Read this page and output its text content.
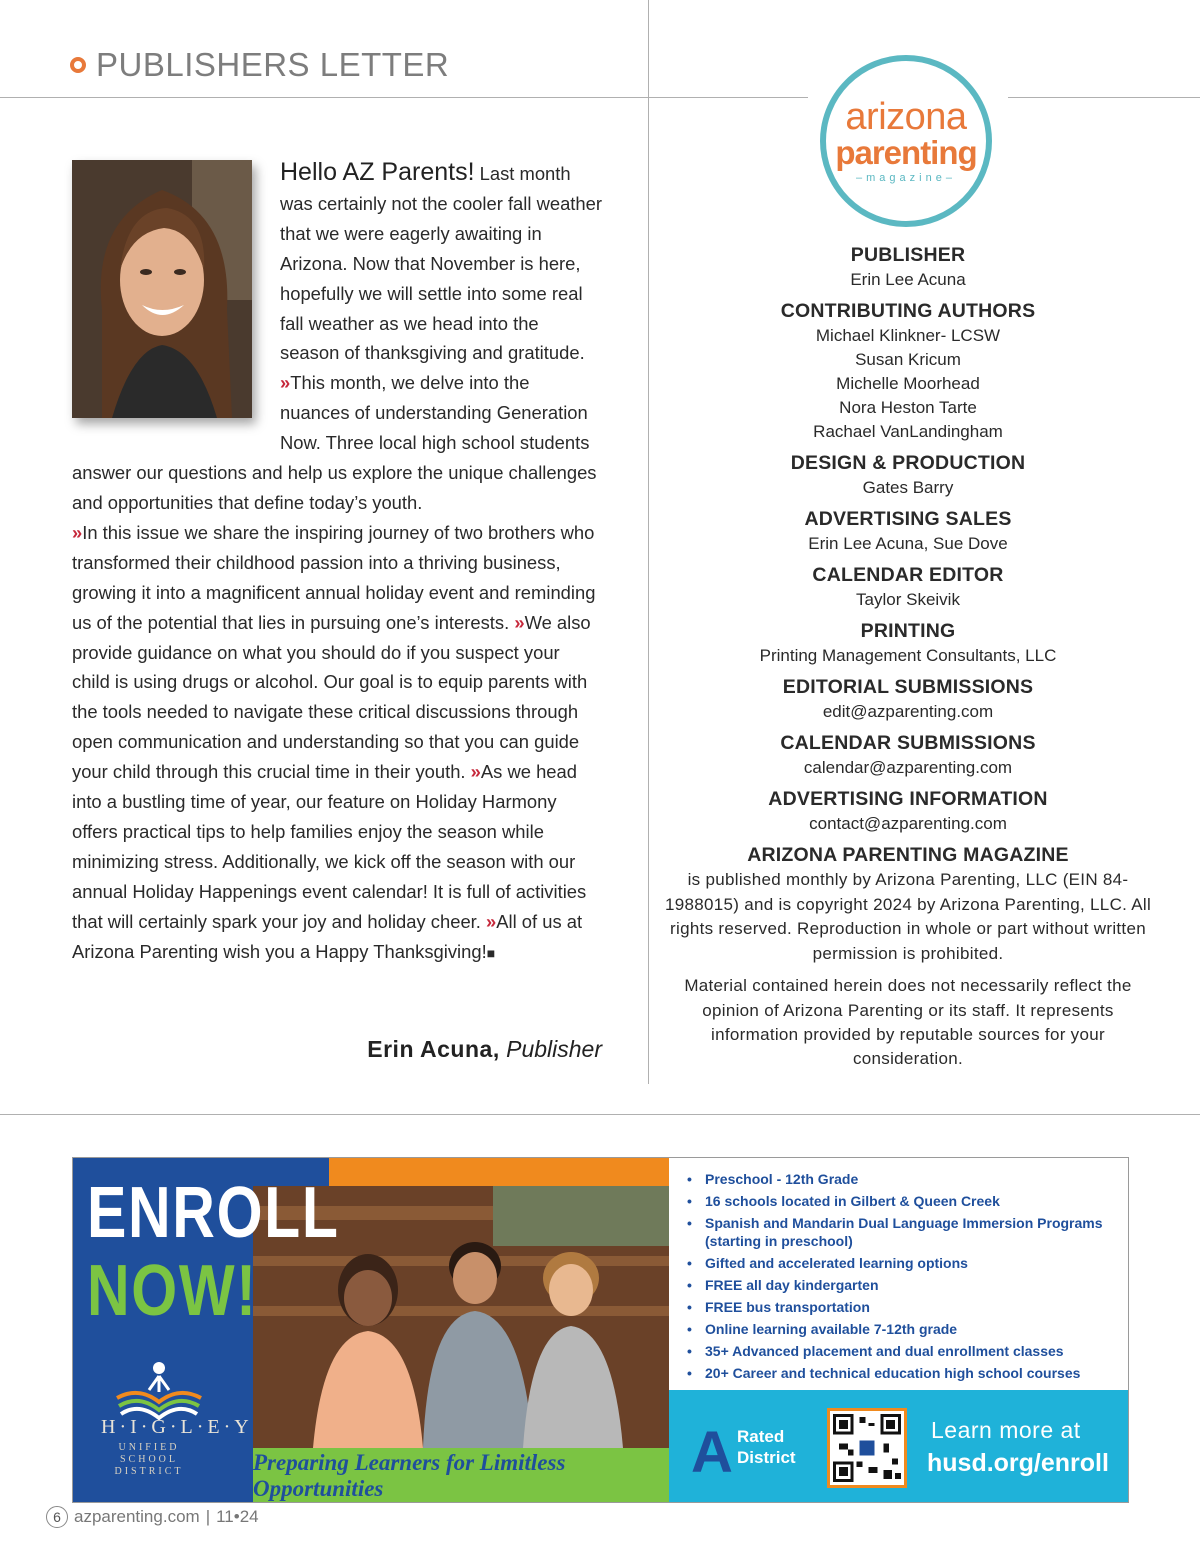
PUBLISHERS LETTER
Hello AZ Parents! Last month was certainly not the cooler fall weather that we were eagerly awaiting in Arizona. Now that November is here, hopefully we will settle into some real fall weather as we head into the season of thanksgiving and gratitude. »This month, we delve into the nuances of understanding Generation Now. Three local high school students answer our questions and help us explore the unique challenges and opportunities that define today’s youth.
»In this issue we share the inspiring journey of two brothers who transformed their childhood passion into a thriving business, growing it into a magnificent annual holiday event and reminding us of the potential that lies in pursuing one’s interests. »We also provide guidance on what you should do if you suspect your child is using drugs or alcohol. Our goal is to equip parents with the tools needed to navigate these critical discussions through open communication and understanding so that you can guide your child through this crucial time in their youth. »As we head into a bustling time of year, our feature on Holiday Harmony offers practical tips to help families enjoy the season while minimizing stress. Additionally, we kick off the season with our annual Holiday Happenings event calendar! It is full of activities that will certainly spark your joy and holiday cheer. »All of us at Arizona Parenting wish you a Happy Thanksgiving!■
Erin Acuna, Publisher
arizona
parenting
–magazine–
PUBLISHER
Erin Lee Acuna
CONTRIBUTING AUTHORS
Michael Klinkner- LCSW
Susan Kricum
Michelle Moorhead
Nora Heston Tarte
Rachael VanLandingham
DESIGN & PRODUCTION
Gates Barry
ADVERTISING SALES
Erin Lee Acuna, Sue Dove
CALENDAR EDITOR
Taylor Skeivik
PRINTING
Printing Management Consultants, LLC
EDITORIAL SUBMISSIONS
edit@azparenting.com
CALENDAR SUBMISSIONS
calendar@azparenting.com
ADVERTISING INFORMATION
contact@azparenting.com
ARIZONA PARENTING MAGAZINE
is published monthly by Arizona Parenting, LLC (EIN 84-1988015) and is copyright 2024 by Arizona Parenting, LLC. All rights reserved. Reproduction in whole or part without written permission is prohibited.
Material contained herein does not necessarily reflect the opinion of Arizona Parenting or its staff. It represents information provided by reputable sources for your consideration.
ENROLL
NOW!
H·I·G·L·E·Y
UNIFIED SCHOOL DISTRICT	Preparing Learners for Limitless Opportunities
• Preschool - 12th Grade
• 16 schools located in Gilbert & Queen Creek
• Spanish and Mandarin Dual Language Immersion Programs (starting in preschool)
• Gifted and accelerated learning options
• FREE all day kindergarten
• FREE bus transportation
• Online learning available 7-12th grade
• 35+ Advanced placement and dual enrollment classes
• 20+ Career and technical education high school courses
A Rated
District
Learn more at
husd.org/enroll
6 azparenting.com | 11•24
